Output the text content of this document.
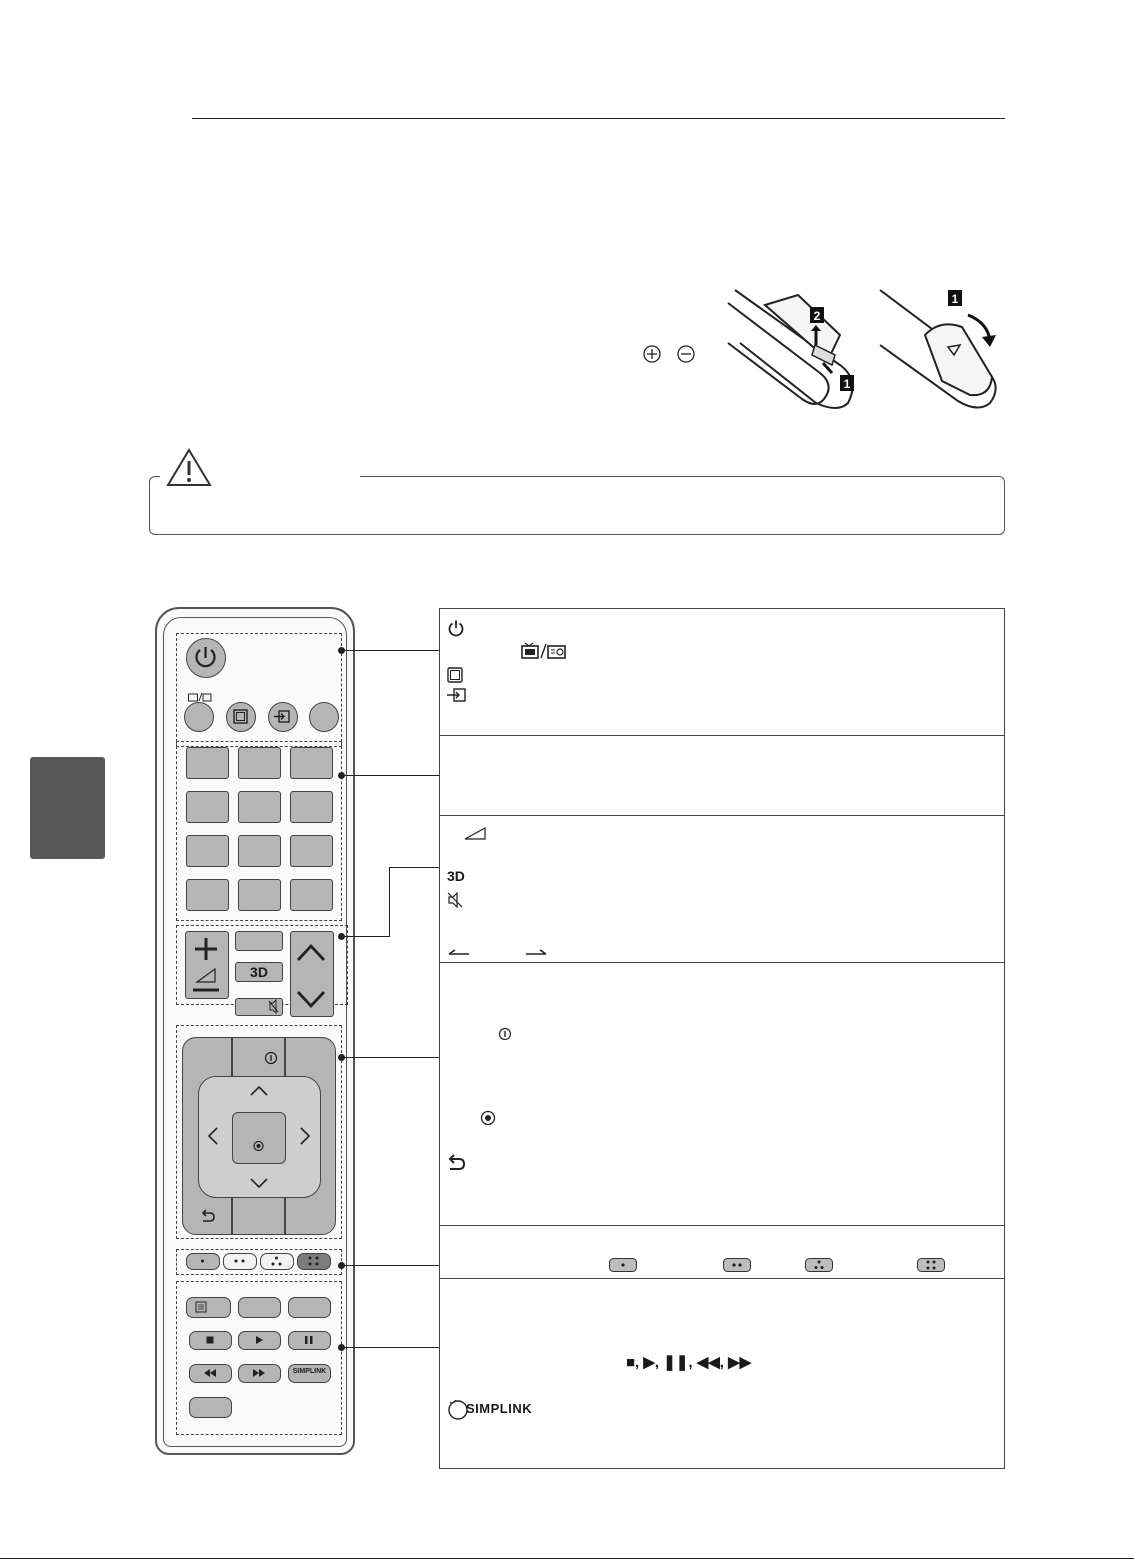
2
1
1
3D
SIMPLINK
3D
■, ▶, ❚❚, ◀◀, ▶▶
SIMPLINK
